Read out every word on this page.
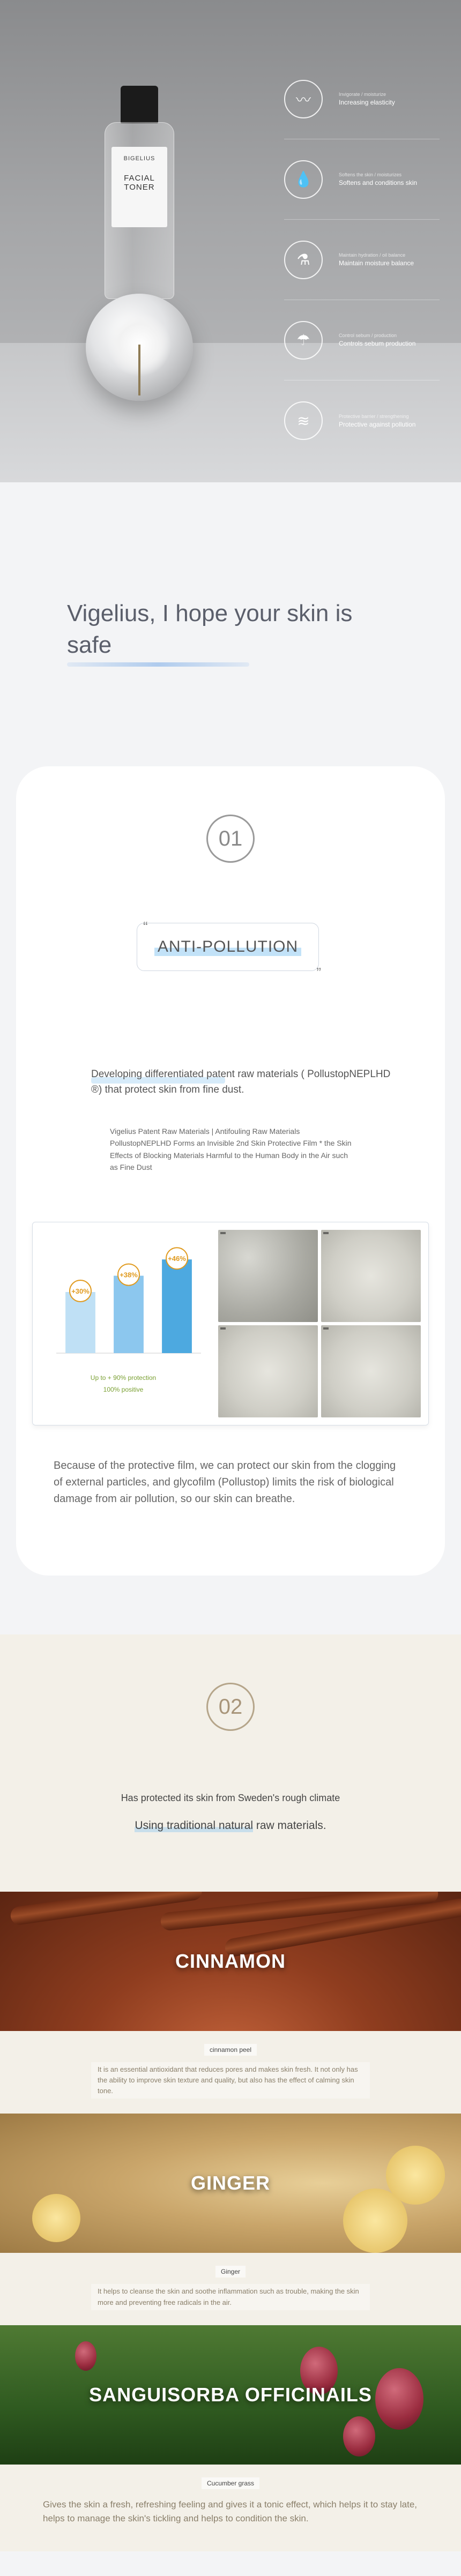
BIGELIUS
FACIAL TONER
〰	Invigorate / moisturize
Increasing elasticity
💧	Softens the skin / moisturizes
Softens and conditions skin
⚗	Maintain hydration / oil balance
Maintain moisture balance
☂	Control sebum / production
Controls sebum production
≋	Protective barrier / strengthening
Protective against pollution
Vigelius, I hope your skin is safe
01
ANTI-POLLUTION
“
”

Developing differentiated patent raw materials ( PollustopNEPLHD ®) that protect skin from fine dust.

Vigelius Patent Raw Materials | Antifouling Raw Materials PollustopNEPLHD Forms an Invisible 2nd Skin Protective Film * the Skin Effects of Blocking Materials Harmful to the Human Body in the Air such as Fine Dust

+30%
+38%
+46%
Up to + 90% protection
100% positive

Because of the protective film, we can protect our skin from the clogging of external particles, and glycofilm (Pollustop) limits the risk of biological damage from air pollution, so our skin can breathe.

02

Has protected its skin from Sweden's rough climate

Using traditional natural raw materials.

CINNAMON
cinnamon peel
It is an essential antioxidant that reduces pores and makes skin fresh. It not only has the ability to improve skin texture and quality, but also has the effect of calming skin tone.
GINGER
Ginger
It helps to cleanse the skin and soothe inflammation such as trouble, making the skin more and preventing free radicals in the air.
SANGUISORBA OFFICINAILS
Cucumber grass
Gives the skin a fresh, refreshing feeling and gives it a tonic effect, which helps it to stay late, helps to manage the skin's tickling and helps to condition the skin.
